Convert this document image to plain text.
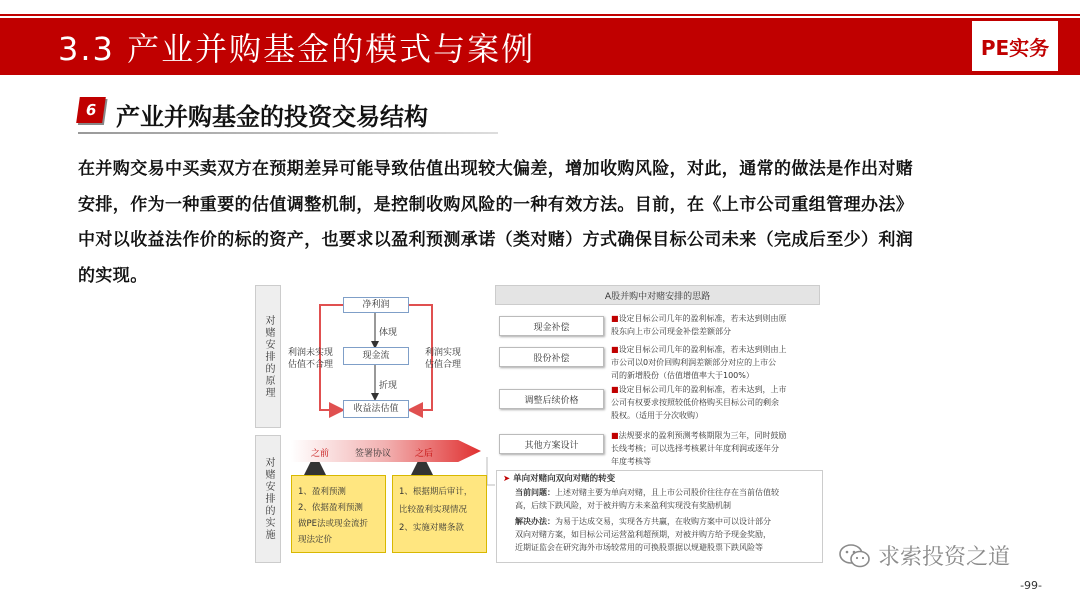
3.3 产业并购基金的模式与案例	PE实务
6 产业并购基金的投资交易结构
在并购交易中买卖双方在预期差异可能导致估值出现较大偏差，增加收购风险，对此，通常的做法是作出对赌
安排，作为一种重要的估值调整机制，是控制收购风险的一种有效方法。目前，在《上市公司重组管理办法》
中对以收益法作价的标的资产，也要求以盈利预测承诺（类对赌）方式确保目标公司未来（完成后至少）利润
的实现。
对赌安排的原理
对赌安排的实施
净利润
现金流
收益法估值
体现
折现
利润未实现
估值不合理
利润实现
估值合理
之前	签署协议	之后
1、盈利预测
2、依据盈利预测
做PE法或现金流折
现法定价
1、根据期后审计，
比较盈利实现情况
2、实施对赌条款
A股并购中对赌安排的思路
现金补偿
■设定目标公司几年的盈利标准，若未达到则由原
股东向上市公司现金补偿差额部分
股份补偿
■设定目标公司几年的盈利标准，若未达到则由上
市公司以0对价回购利润差额部分对应的上市公
司的新增股份（估值增值率大于100%）
调整后续价格
■设定目标公司几年的盈利标准，若未达到，上市
公司有权要求按照较低价格购买目标公司的剩余
股权。（适用于分次收购）
其他方案设计
■法规要求的盈利预测考核期限为三年，同时鼓励
长线考核；可以选择考核累计年度利润或逐年分
年度考核等
➤ 单向对赌向双向对赌的转变
当前问题：上述对赌主要为单向对赌，且上市公司股价往往存在当前估值较
高，后续下跌风险，对于被并购方未来盈利实现没有奖励机制
解决办法：为易于达成交易，实现各方共赢，在收购方案中可以设计部分
双向对赌方案，如目标公司运营盈利超预期，对被并购方给予现金奖励，
近期证监会在研究海外市场较常用的可换股票据以规避股票下跌风险等	求索投资之道
-99-
